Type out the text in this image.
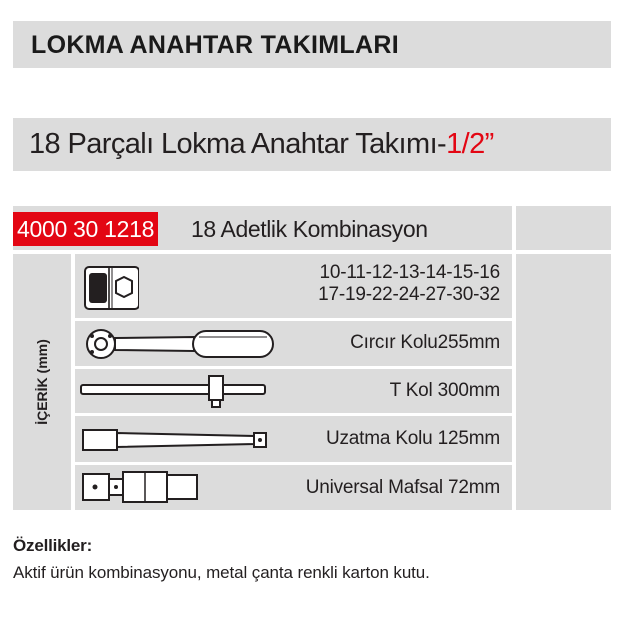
LOKMA ANAHTAR TAKIMLARI
18 Parçalı Lokma Anahtar Takımı-1/2”
4000 30 1218 18 Adetlik Kombinasyon
İÇERİK (mm)
10-11-12-13-14-15-16
17-19-22-24-27-30-32
Cırcır Kolu255mm
T Kol 300mm
Uzatma Kolu 125mm
Universal Mafsal 72mm
Özellikler:
Aktif ürün kombinasyonu, metal çanta renkli karton kutu.
